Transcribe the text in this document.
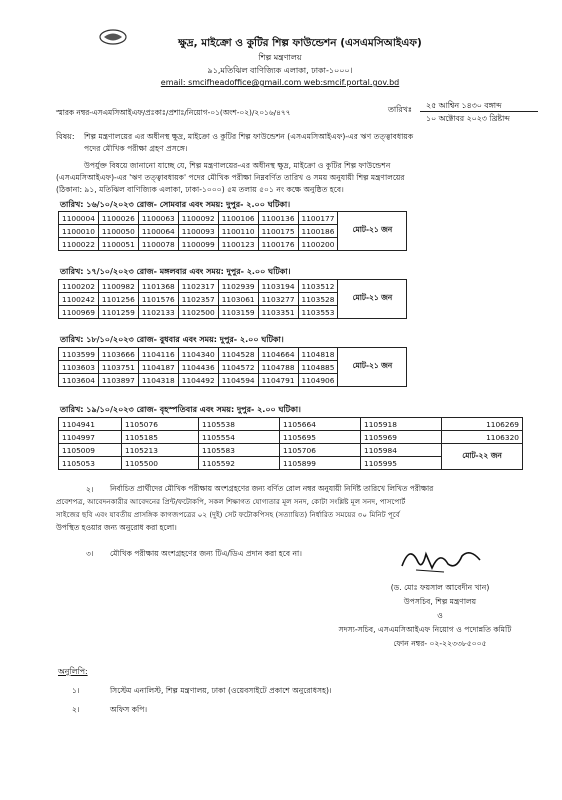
ক্ষুদ্র, মাইক্রো ও কুটির শিল্প ফাউন্ডেশন (এসএমসিআইএফ)
শিল্প মন্ত্রণালয়
৯১,মতিঝিল বাণিজ্যিক এলাকা, ঢাকা-১০০০।
email: smcifheadoffice@gmail.com web:smcif.portal.gov.bd
স্মারক নম্বর-এসএমসিআইএফ/প্রঃকাঃ/প্রশাঃ/নিয়োগ-০১(অংশ-০২)/২০১৬/৪৭৭	তারিখঃ ২৫ আশ্বিন ১৪৩০ বঙ্গাব্দ
১০ অক্টোবর ২০২৩ খ্রিষ্টাব্দ
বিষয়: শিল্প মন্ত্রণালয়ের এর অধীনস্থ ক্ষুদ্র, মাইক্রো ও কুটির শিল্প ফাউন্ডেশন (এসএমসিআইএফ)-এর ঋণ তত্ত্বাবধায়ক
পদের মৌখিক পরীক্ষা গ্রহণ প্রসঙ্গে।
উপর্যুক্ত বিষয়ে জানানো যাচ্ছে যে, শিল্প মন্ত্রণালয়ের-এর অধীনস্থ ক্ষুদ্র, মাইক্রো ও কুটির শিল্প ফাউন্ডেশন
(এসএমসিআইএফ)-এর 'ঋণ তত্ত্বাবধায়ক' পদের মৌখিক পরীক্ষা নিম্নবর্ণিত তারিখ ও সময় অনুযায়ী শিল্প মন্ত্রণালয়ের
(ঠিকানা: ৯১, মতিঝিল বাণিজ্যিক এলাকা, ঢাকা-১০০০) ৫ম তলায় ৫০১ নং কক্ষে অনুষ্ঠিত হবে।
তারিখ: ১৬/১০/২০২৩ রোজ- সোমবার এবং সময়: দুপুর- ২.০০ ঘটিকা।
1100004	1100026	1100063	1100092	1100106	1100136	1100177	মোট-২১ জন
1100010	1100050	1100064	1100093	1100110	1100175	1100186	
1100022	1100051	1100078	1100099	1100123	1100176	1100200	
তারিখ: ১৭/১০/২০২৩ রোজ- মঙ্গলবার এবং সময়: দুপুর- ২.০০ ঘটিকা।
1100202	1100982	1101368	1102317	1102939	1103194	1103512	মোট-২১ জন
1100242	1101256	1101576	1102357	1103061	1103277	1103528	
1100969	1101259	1102133	1102500	1103159	1103351	1103553	
তারিখ: ১৮/১০/২০২৩ রোজ- বুধবার এবং সময়: দুপুর- ২.০০ ঘটিকা।
1103599	1103666	1104116	1104340	1104528	1104664	1104818	মোট-২১ জন
1103603	1103751	1104187	1104436	1104572	1104788	1104885	
1103604	1103897	1104318	1104492	1104594	1104791	1104906	
তারিখ: ১৯/১০/২০২৩ রোজ- বৃহস্পতিবার এবং সময়: দুপুর- ২.০০ ঘটিকা।
1104941	1105076	1105538	1105664	1105918	1106269
1104997	1105185	1105554	1105695	1105969	1106320
1105009	1105213	1105583	1105706	1105984	মোট-২২ জন
1105053	1105500	1105592	1105899	1105995	
২। নির্বাচিত প্রার্থীদের মৌখিক পরীক্ষায় অংশগ্রহণের জন্য বর্ণিত রোল নম্বর অনুযায়ী নির্দিষ্ট তারিখে লিখিত পরীক্ষার
প্রবেশপত্র, আবেদনকারীর আবেদনের প্রিন্ট/ফটোকপি, সকল শিক্ষাগত যোগ্যতার মূল সনদ, কোটা সংশ্লিষ্ট মূল সনদ, পাসপোর্ট
সাইজের ছবি এবং যাবতীয় প্রাসঙ্গিক কাগজপত্রের ০২ (দুই) সেট ফটোকপিসহ (সত্যায়িত) নির্ধারিত সময়ের ৩০ মিনিট পূর্বে
উপস্থিত হওয়ার জন্য অনুরোধ করা হলো।
৩। মৌখিক পরীক্ষায় অংশগ্রহণের জন্য টিএ/ডিএ প্রদান করা হবে না।
(ড. মোঃ ফয়সাল আবেদীন খান)
উপসচিব, শিল্প মন্ত্রণালয়
ও
সদস্য-সচিব, এসএমসিআইএফ নিয়োগ ও পদোন্নতি কমিটি
ফোন নম্বর- ০২-২২৩৩৮৫০০৫
অনুলিপি:
১।	সিস্টেম এনালিস্ট, শিল্প মন্ত্রণালয়, ঢাকা (ওয়েবসাইটে প্রকাশে অনুরোধসহ)।
২।	অফিস কপি।
